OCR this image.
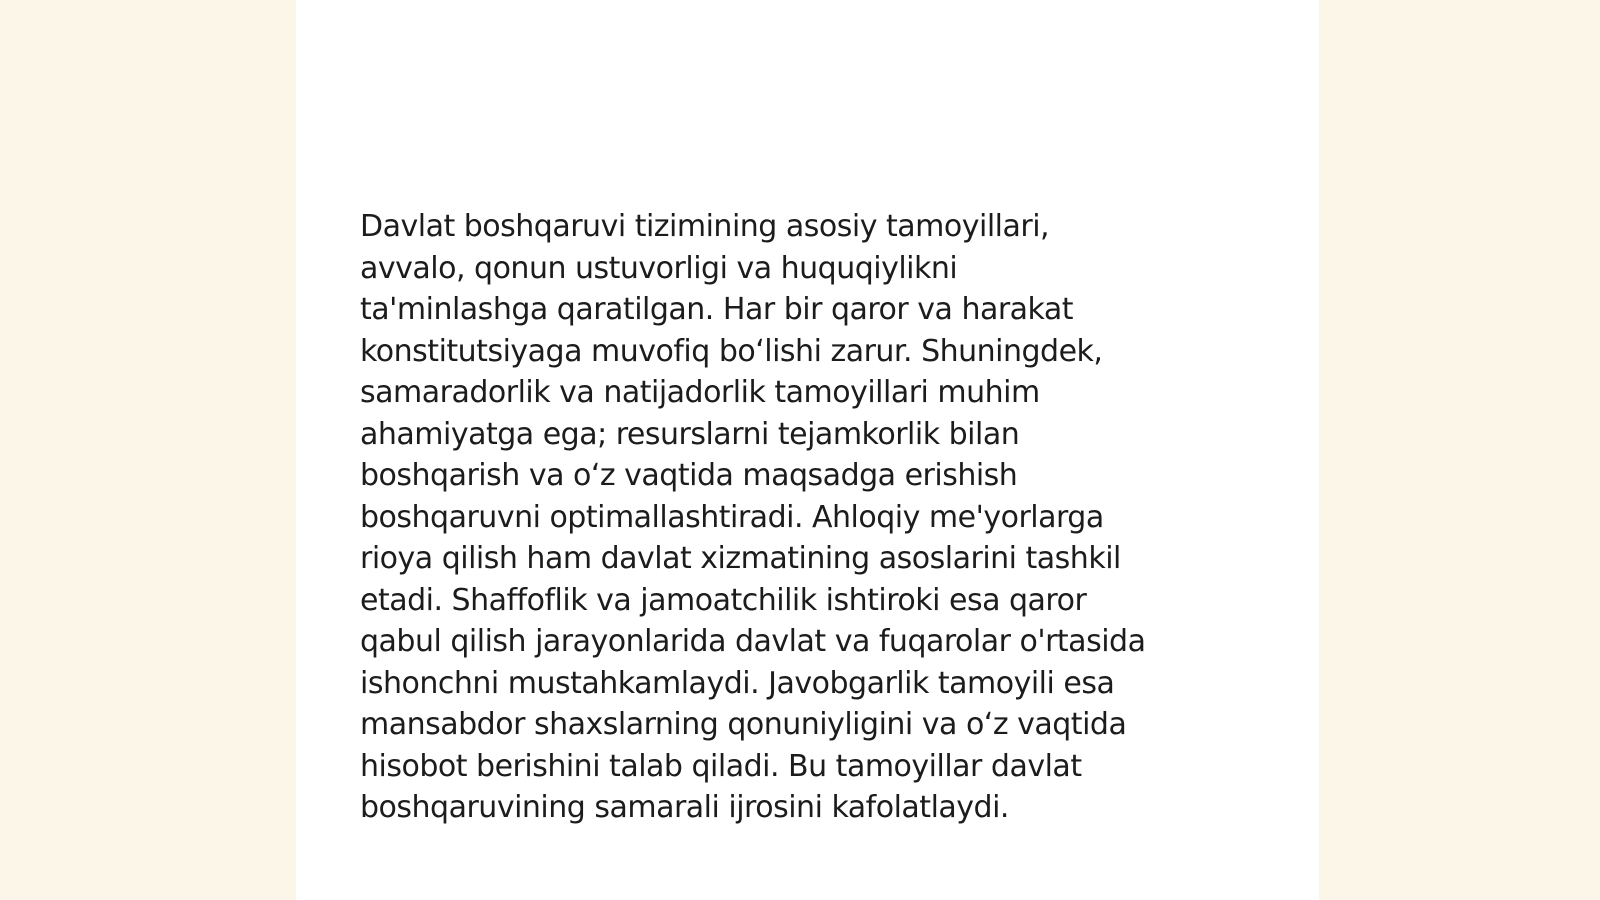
Davlat boshqaruvi tizimining asosiy tamoyillari,
avvalo, qonun ustuvorligi va huquqiylikni
ta'minlashga qaratilgan. Har bir qaror va harakat
konstitutsiyaga muvofiq bo‘lishi zarur. Shuningdek,
samaradorlik va natijadorlik tamoyillari muhim
ahamiyatga ega; resurslarni tejamkorlik bilan
boshqarish va o‘z vaqtida maqsadga erishish
boshqaruvni optimallashtiradi. Ahloqiy me'yorlarga
rioya qilish ham davlat xizmatining asoslarini tashkil
etadi. Shaffoflik va jamoatchilik ishtiroki esa qaror
qabul qilish jarayonlarida davlat va fuqarolar o'rtasida
ishonchni mustahkamlaydi. Javobgarlik tamoyili esa
mansabdor shaxslarning qonuniyligini va o‘z vaqtida
hisobot berishini talab qiladi. Bu tamoyillar davlat
boshqaruvining samarali ijrosini kafolatlaydi.
